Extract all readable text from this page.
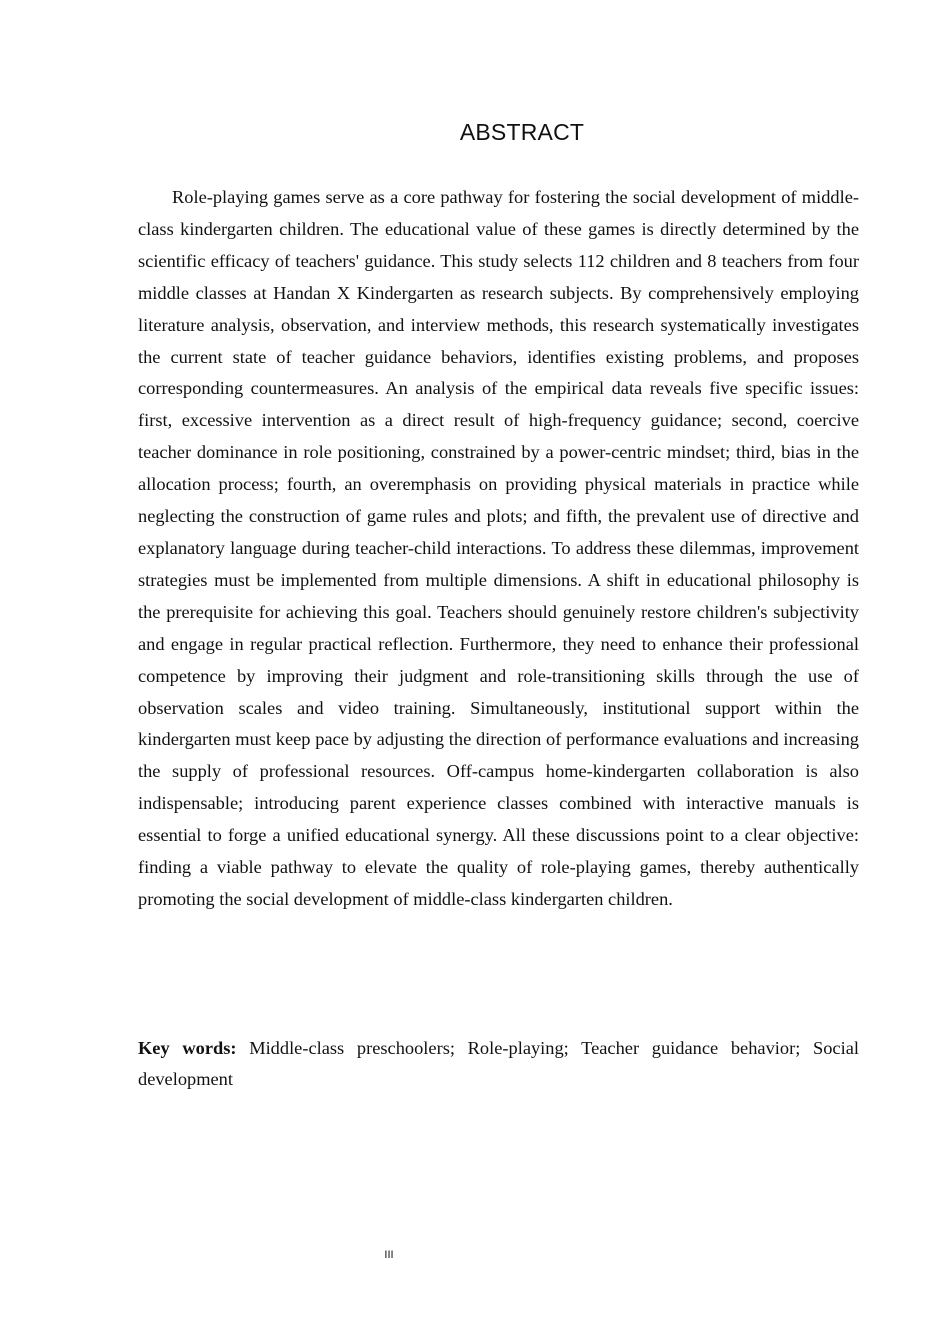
ABSTRACT

Role-playing games serve as a core pathway for fostering the social development of middle-class kindergarten children. The educational value of these games is directly determined by the scientific efficacy of teachers' guidance. This study selects 112 children and 8 teachers from four middle classes at Handan X Kindergarten as research subjects. By comprehensively employing literature analysis, observation, and interview methods, this research systematically investigates the current state of teacher guidance behaviors, identifies existing problems, and proposes corresponding countermeasures. An analysis of the empirical data reveals five specific issues: first, excessive intervention as a direct result of high-frequency guidance; second, coercive teacher dominance in role positioning, constrained by a power-centric mindset; third, bias in the allocation process; fourth, an overemphasis on providing physical materials in practice while neglecting the construction of game rules and plots; and fifth, the prevalent use of directive and explanatory language during teacher-child interactions. To address these dilemmas, improvement strategies must be implemented from multiple dimensions. A shift in educational philosophy is the prerequisite for achieving this goal. Teachers should genuinely restore children's subjectivity and engage in regular practical reflection. Furthermore, they need to enhance their professional competence by improving their judgment and role-transitioning skills through the use of observation scales and video training. Simultaneously, institutional support within the kindergarten must keep pace by adjusting the direction of performance evaluations and increasing the supply of professional resources. Off-campus home-kindergarten collaboration is also indispensable; introducing parent experience classes combined with interactive manuals is essential to forge a unified educational synergy. All these discussions point to a clear objective: finding a viable pathway to elevate the quality of role-playing games, thereby authentically promoting the social development of middle-class kindergarten children.

Key words: Middle-class preschoolers; Role-playing; Teacher guidance behavior; Social development

III
